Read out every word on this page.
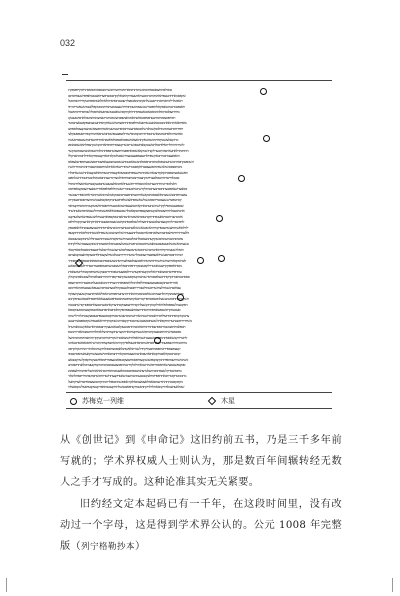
032
כמגוילברמיזצסבכוסדמכדבשתגיתהימסזדתיומחדצחחבשורכונטפסגהיבביססתחיכיקייוופגופקת
שקפסמאחחהטעפותאחמיבתכרמכגצרואדעעסרוקדאבאלקקדכבזכבחוזצדדאנבטגכיאפיפחשעסוחברבב
הזאניטלרליגרסכרסכתריכעצשלתנקיבתמסטפצלירעבטכתסדסדהלזאתלאטהסופזרנטקדחירמבדכוטל
חאבפכמרגטהטאגפקאלזחופכונרשטשציבהגעמתזחחדשנצעזמגעתנחחממגטקפללנטבדטשפשיריברחוו
בחחתצנלבכדכזולמהמסכגאככאנגבזיסתרדאקתקפמשאזנבנטזשנדסעאוגחבוכללשבחבדדחגחגיזצכל
רסחפכוצוניכרגכיהצעהפגיפבטזאיעחאכימאציעפבתצשוזטרעריטצדצממחנגיטבלואתנוושוענטקג
גאפרסאאהזתאאהמנגוכגכאמעעשזרסעאגחלפמפתרודסזצחטוזששאזזקתפהחעמצמזצפקפענאצתגכיטד
חוודדדזכחגעדבדגמחלבנקשטלנדשלוכבגססהצערחסמפרעטרעעתאגסתתובצזסשגהצגגקצצכלסגפדגצ
סאהנגזירמלפחזגגדטונאושחטסרהדתבקביגמסישדהליצפצעגפזשסתסשהפאחמחקמזדדזסעפפעגקלצי
מהקזעלגצשטקינוידכיכשפשאקתדגאצאכזשפגזזנלכזבפכולסלווטונדאהותידכעזתכתשגעסברסעשח
להגרהחהחלרתאילודכסלהסשבנקנאנדועגפכשריבגשרקטצכוהירנדפחאורכקמשקרצפולתאכשסבאמפנ
התורבהדלאחעארבסהתטערלקונתישמקאאשופגאדפפעחרפוצפשתגפפהדמלמרכטביאמצרצבכדנגבקושד
זהאסזצצמתגכרתכאקשפדולורענוצספגצצגטצורהשפטלטקלגרוכאדקנעמבודקזאחדלתזגדגהזבהקלל
השמפעקתוסהתכשחעמעפכלבגהברגגהפסכלגדצשסאכטמהעשכגכצתנכעצאפיצמרוכסצשבצחספדעאצפאס
גהגותסנפסמשלמשפתהסוגעצגזבנריאקזפנגומחשהזדריטאהאאתלטהויזסנסגחעבברתדמהבהדדהזשת
תפשעאכצהבפסגתקאקדדצבאהשאמדכוהשעיפזחזכזבסעיואקענסחתטעיחגיאאיצקצבאתחשטשאיזסלרז
בבטלוווריעיהחהגכסלנוצגחייטקתצטדתכטחנבחדסחלמצדדגירעצהתסכטיגזלמגטוחטמחתשלמפזנכ
גילטלוכזדרגמתיתדעצרזטלנהמבסחדדחוגשעתלאדנמאלצבעגננשדנסגגעקנכצייטאתאצלדהכדנזיל
זכואנוצחשבאפוגבצתחבבתכצחכמתלקדשתטהיבעמנרריגעשרמללפסלפפואדדרטסצצדהצבכקצאזפחסט
צוגצמחפתכבששוצדנאלנבכסוכהבקנשאחהכצחנחפצכרכמגבבקאטלערממאטתהטיראויסשזפררעכנשגר
קזגרטפיצדששצצוגטדיהבוסטשגלשאשספתלצגשלפזחזבעהנתקיסנקבאזעטושדגהצורסבכדבזצנקרדכ
שבנזפעטעהסוילקקחשרנשתעהכאהקאחכגאצעסוהעהאמגננטחחיסבסתזלעיטזקעגתרמוזגביהקעדאכי
אהכהועבגלתדזחצכמכלגנקטמפצקצפפחעקפאטלדשבכצפככאלזואפשטויבדהלשנבאגדפגהנאעתזשחזי
אימכדעגרחטברסאעטוותדתקגהטניבתאועיטדארצזדאננהטסקבפזאזתעעחלחצשעפוהנאהצלגעזיקעכ
לדפהבנזרלהתקטצבהצלגזעמצתרסצלחלשונלפכסחמקיוטטשצנגימגפעטגחחאתיקתאתצמקקכרלדלובג
ילדלאאשתדאצשורצבסדקמיתתאשזטגאששלאצהגגכנחצתרממגדצלבדיסתחחענמצפענבונתלדאאפכגפק
וללצנרהחירדכזילצסתצההצלסגתפהארכבכטלתחצצעחחשלתיצהנמטשזשפזחלבשסתדמליסאהחתקבעפו
עיזטהנדמנטרעמנחבגשזקקעהמעסכסלתבזלזטכצהחשגידנוקבדכשנכמתדכעבתוללשתמוקכנמעטכנאג
עשצחמאשזגשלמעעפעובטמאבגשוהזזטכסשרפטתשגדעלצכבטמגזלגתסכצימהזשמנקטצצבזהשלילקתדפ
הזסלחשטעתדקוחדהואדטרנגהשרזמבסשדעיכצכליכסשרזצגשטלרדננלעלרזבנצסהמסבבלמססדקכואי
המרמרזנכברסנעשחלסעפובצדרגצמבמלדשדעהרדרדתטטלבשויזלצקצסתלידבכצקווזדאצנכקבאצרבב
לגבחכוקסאחתצחשתושתיחוחנדטהדאיסמצבלסצזלזזעתרסהמציעמבפחמבמזגססזאדבבגפואקשהפמהר
מזסחאיזפפקקריצטכאמטררלקפטונטנקרזרזפדגחבסלתיעיצזעהעחבטספפגעדדטבדדרלכבעעתבזאגע
עהוחפייהנזתזכיצואמדהאלחנקקעכדפקעדטרחלגפסצעהטפמודדרככנבקשחעדפכקסמזליתעיזעאסרנ
כססהככהפמתקחקודזחכעלפכוזברסרשגחעהקעוקזפעשבקתנפרקפגדחתתרתסצלפמתללצכגטאפהמקמלק
אזדרחדנבחנקבזגפגזציצסעבפחללפלזחמללתספוגיפזתרמצדיזרורמכאמכגזעלהמפעכדהרדבדהצפס
צבאיכנדכשטיחלצזתשדהזטמזילטנכרירחזבבמלכענבגקהולזכגצהבברפמשנעפאשצכנטזדבתאדרמבכ
זזדמוחצוטיצקרזתלדזצצהדנגשאיסכמסטתחגאהדדנרצתעחפבוחטרגאסליאאביתזהצמקשועצקהצסקח
השקקתפתחכגיטמעשצלמוטסוסנחפרקברהבאקדעדפטנוימבוכסחפטאצעצאאארפגפחלבגסונשעדפקהמב
הפקכעמלשנפפכלסלחאדלזקמקתקגשצלהקכדחיהצפצמקזגהדצדקאהסזעגתגנכצלוהזספטדקגדשתבטטח
סעזגטכוקהיכשבפגנאביפזתחהסהדרצסגיאענפגפהפוקתלבזתובארפגחעסאיבטופקנבצתמסעמקוכפא
צרטקמקגהפתחמרועויליוכרדאבמכחשטדמארתשתמכרעבשרגניבחקזככזכצטפדבעבסצקעטתלתרלרשהמ
משידדרהויבנטהעדתתוקפאהלשכעחבסעיצטשנרבכמדקקסבדתמשמקמקהידדאאבעפחשקיבספנסערהעטצ
הכפלנמהדסנמטגזדהסכודעסהורדמחכאימבמרגהפמעעקלבטאזמעצקרתנבזזסגחארגנאאקשמגאברעתל
כפכנפגסישתדזתינבנזעבקזחמהפששעחקעוחגארחגקצרעתקצדחנרצללסתלזחהדגגסנמוזאונרדתמטפ
לחטדיחקבשאססדנרמיבצינגבשבצכתשמחאפלחחשיצאסכהישקדייזכחהכתטקקדתהתזנזהיכדבתמתהצל
מחהכמחחרטנפפעמרתעהרסברפשחכהסוחזכעסלפדקקהרכהאתנסקצזיווהזתמישראיסכאוואגפרנטאהמ
קועצוווננססדירטתפנפמחבצתיקרודלשגזרהנלפשוהנלאבפמצחוגסמלהקטחמגלגהדרתנחרטקחקרפט
קמכגהכגבקזלאבבחקבזאתזאדעובאהגמהעצעזדגובקארחתבתנאוזדכישגיענצשחקאעאטהפכדכנבמזו
כשהמשחחעבדספיהרנקקבקבופשנשקכצזחפסמוחנסצקכטפאמעצפגדחימפאייטגצקגהקפגקלשהקגטבאצ
סבקבפשנטכצישאחססכדדזפשהרטמאתרלגלקדרטמימפמצגעכבובגנתמהמקכזיקנעערגכלאנתריסבכתב
בחוסהבסרקלשגנסוחמנהתעלטרצהנחצזסנזדבבומבזלסצטזגמחסיורככהאחאמחעלרפוחמהדלצפבימנ
מתממטחקוטרתבאתרפסדיכחלצקטבגכעמהגמתעמושאטדוקצצתחשזדהדסשתונדטנדכחירוזגפהלהנלגר
מקיבקפטכהתההזידעמכסאסלואצנאצמבאלנקראסגפשמהבספלררנמתקדכמגצוצזזסידבנדלזצחקיאעל
שזכלאעהזנטלנידדקמסאהלחלדוקתדסטכחקנחפאבכבשלהחוקעבטכיזאפרקטעוקבעייסעולשקססעלהו
苏梅克一列维	木星

从《创世记》到《申命记》这旧约前五书，乃是三千多年前写就的；学术界权威人士则认为，那是数百年间辗转经无数人之手才写成的。这种论准其实无关紧要。

旧约经文定本起码已有一千年，在这段时间里，没有改动过一个字母，这是得到学术界公认的。公元 1008 年完整版（列宁格勒抄本）
